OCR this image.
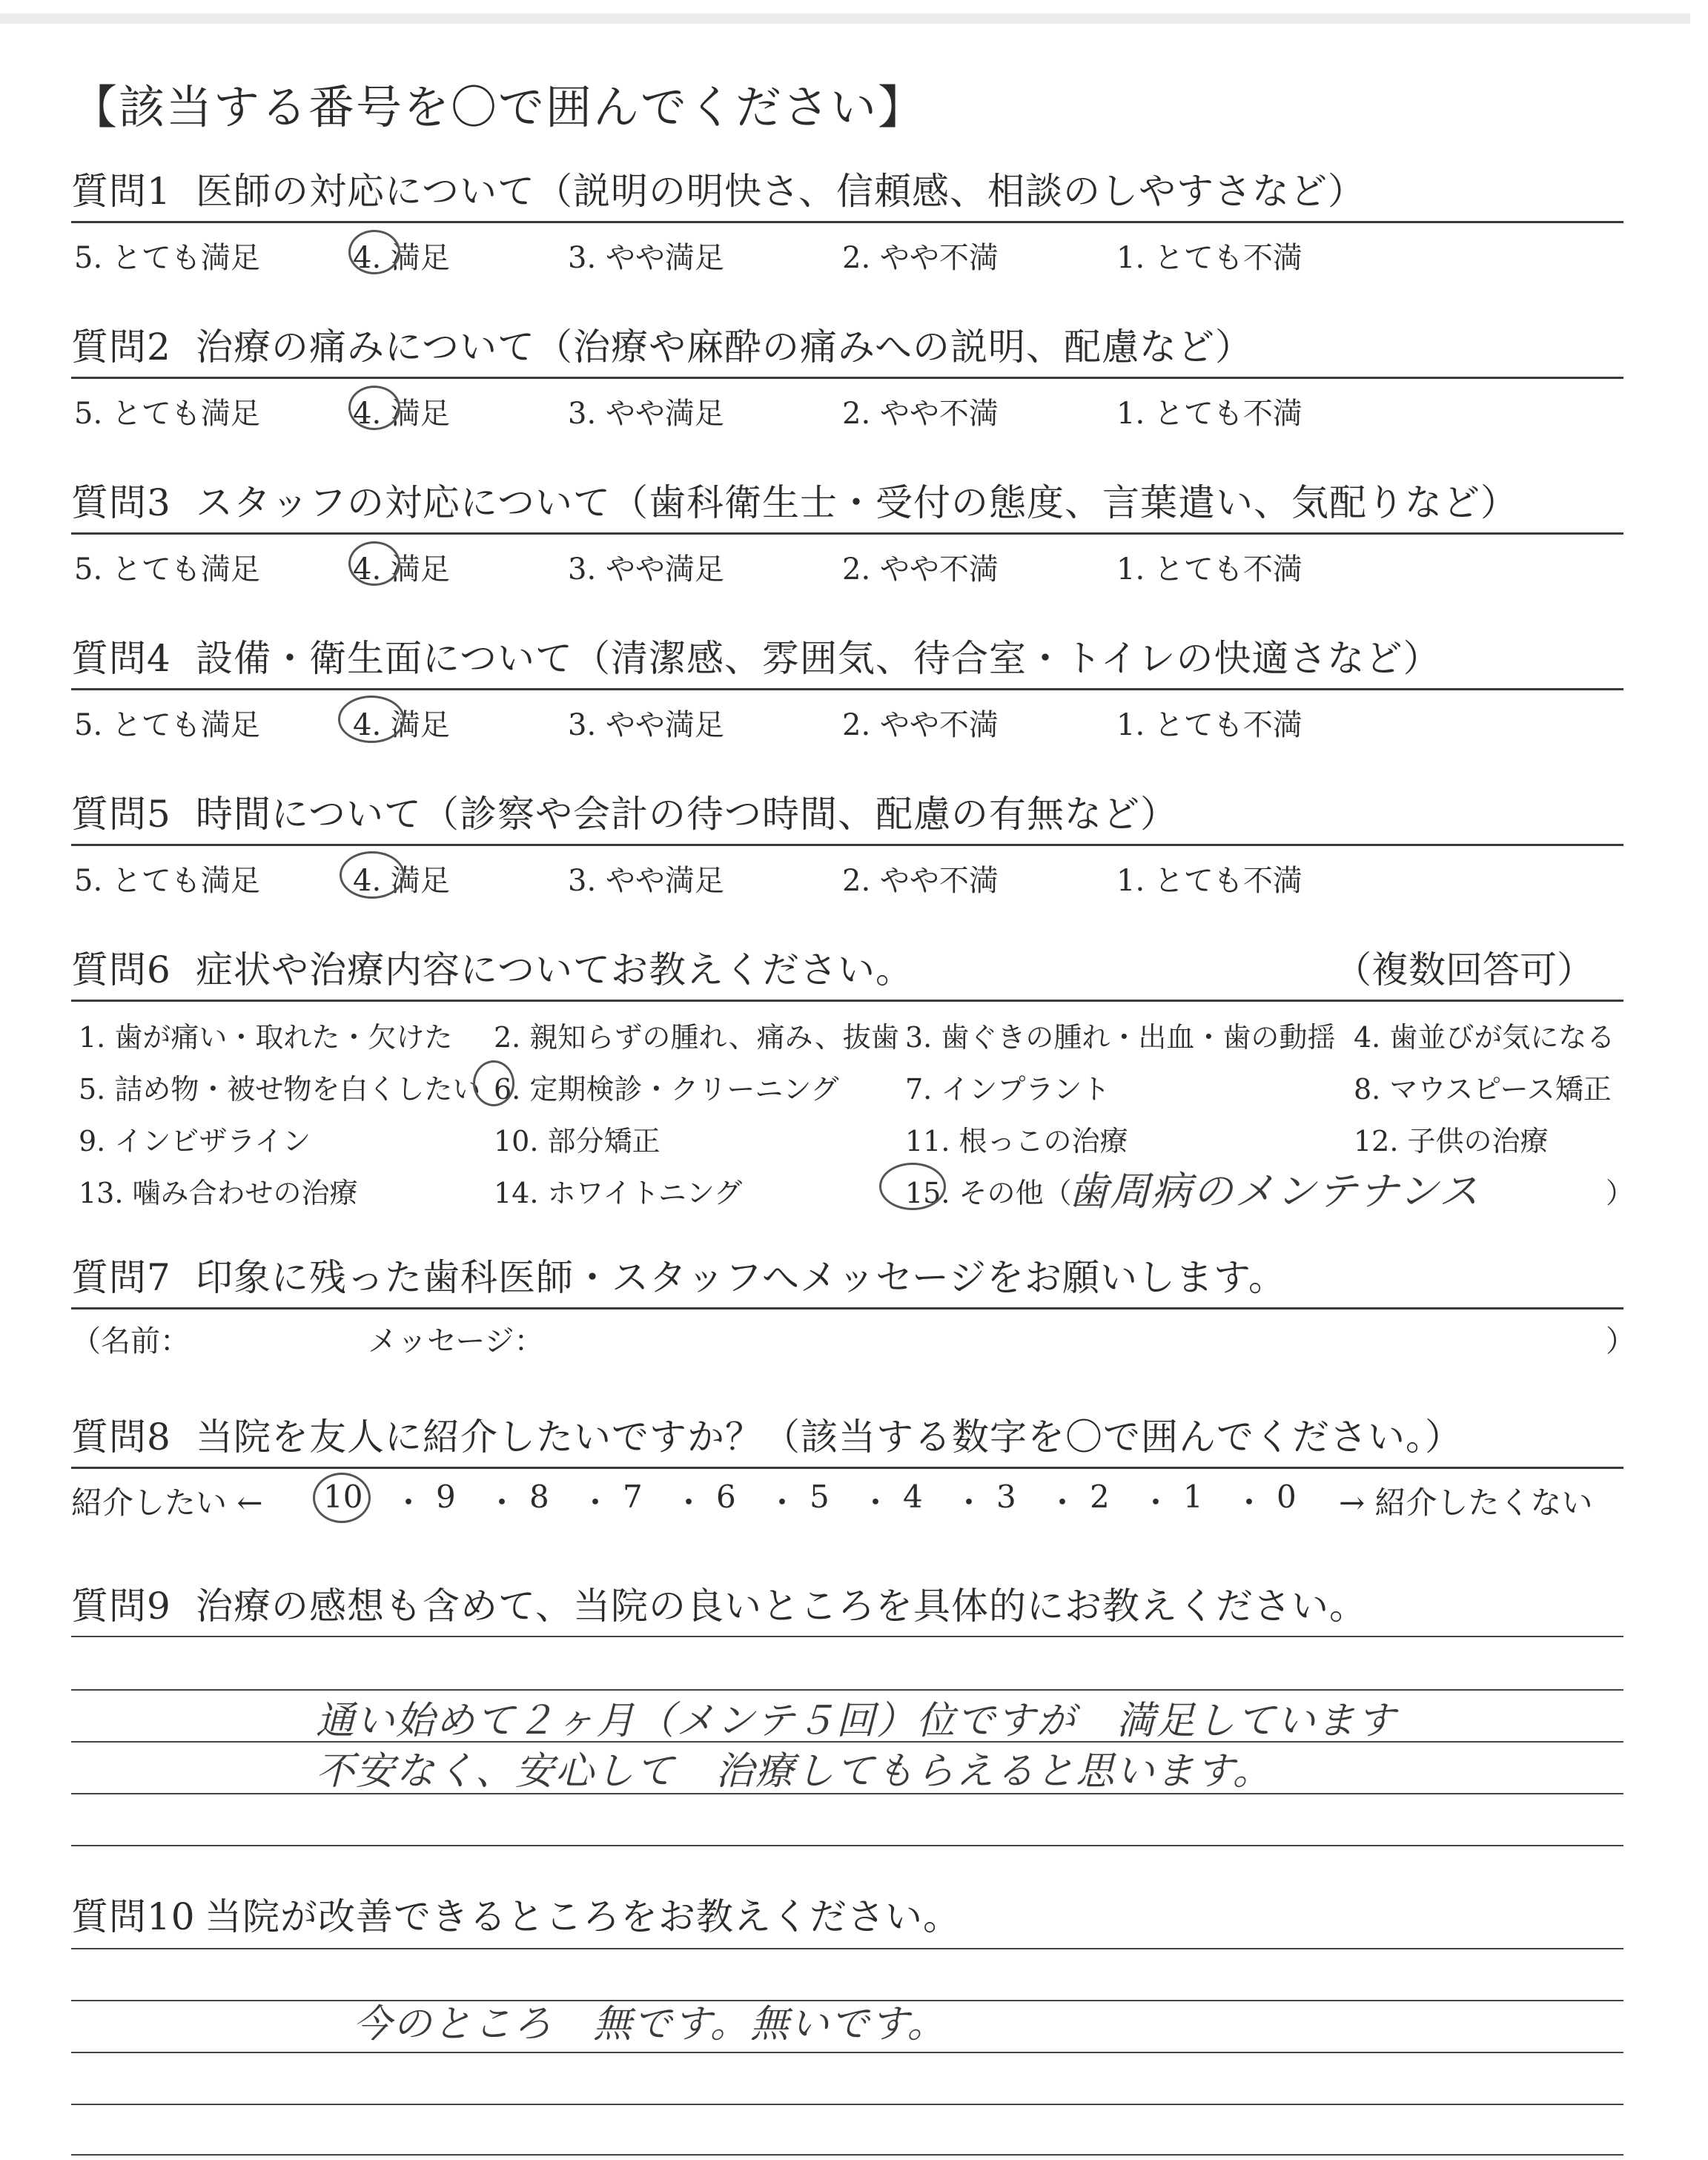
【該当する番号を〇で囲んでください】
質問1 医師の対応について（説明の明快さ、信頼感、相談のしやすさなど）
5. とても満足	4. 満足	3. やや満足	2. やや不満	1. とても不満
質問2 治療の痛みについて（治療や麻酔の痛みへの説明、配慮など）
5. とても満足	4. 満足	3. やや満足	2. やや不満	1. とても不満
質問3 スタッフの対応について（歯科衛生士・受付の態度、言葉遣い、気配りなど）
5. とても満足	4. 満足	3. やや満足	2. やや不満	1. とても不満
質問4 設備・衛生面について（清潔感、雰囲気、待合室・トイレの快適さなど）
5. とても満足	4. 満足	3. やや満足	2. やや不満	1. とても不満
質問5 時間について（診察や会計の待つ時間、配慮の有無など）
5. とても満足	4. 満足	3. やや満足	2. やや不満	1. とても不満
質問6 症状や治療内容についてお教えください。	（複数回答可）
1. 歯が痛い・取れた・欠けた 2. 親知らずの腫れ、痛み、抜歯 3. 歯ぐきの腫れ・出血・歯の動揺 4. 歯並びが気になる
5. 詰め物・被せ物を白くしたい 6. 定期検診・クリーニング 7. インプラント	8. マウスピース矯正
9. インビザライン	10. 部分矯正	11. 根っこの治療	12. 子供の治療
13. 噛み合わせの治療	14. ホワイトニング	15. その他（
歯周病のメンテナンス	）
質問7 印象に残った歯科医師・スタッフへメッセージをお願いします。
（名前：	メッセージ：	）
質問8 当院を友人に紹介したいですか？（該当する数字を〇で囲んでください。）
紹介したい ← 10 ・ 9 ・ 8 ・ 7 ・ 6 ・ 5 ・ 4 ・ 3 ・ 2 ・ 1 ・ 0 → 紹介したくない
質問9 治療の感想も含めて、当院の良いところを具体的にお教えください。
通い始めて２ヶ月（メンテ５回）位ですが　満足しています
不安なく、安心して　治療してもらえると思います。
質問10 当院が改善できるところをお教えください。
今のところ　無です。無いです。
